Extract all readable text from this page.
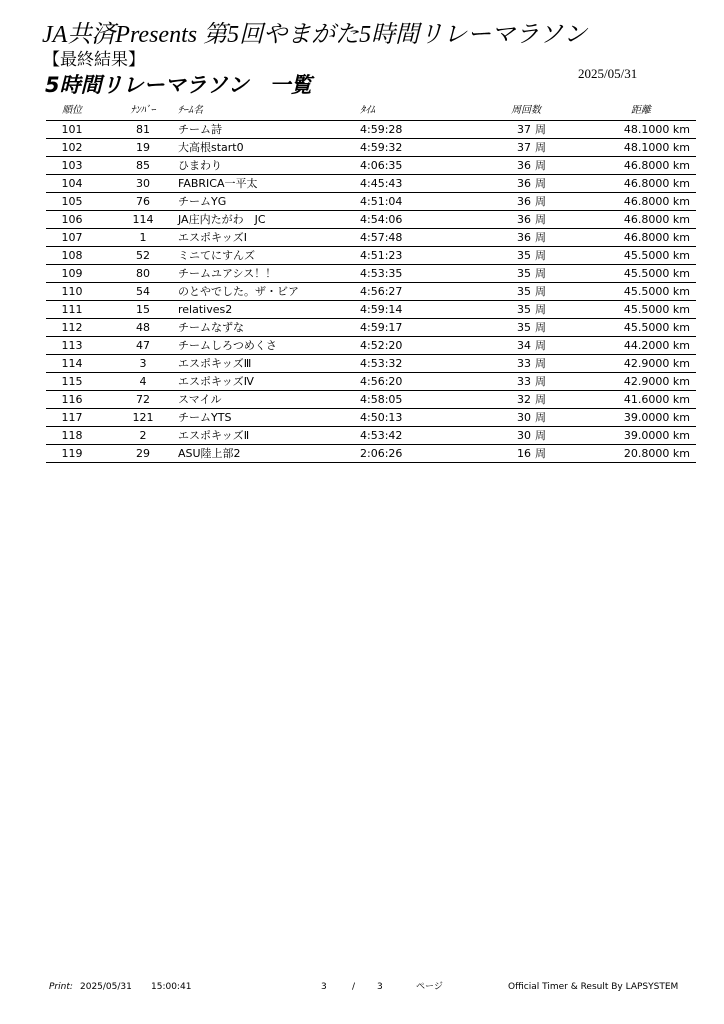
JA共済Presents 第5回やまがた5時間リレーマラソン
【最終結果】
2025/05/31
5時間リレーマラソン　一覧
順位	ﾅﾝﾊﾞｰ	ﾁｰﾑ名	ﾀｲﾑ	周回数	距離
101	81	チーム詩	4:59:28	37 周	48.1000 km
102	19	大高根start0	4:59:32	37 周	48.1000 km
103	85	ひまわり	4:06:35	36 周	46.8000 km
104	30	FABRICA一平太	4:45:43	36 周	46.8000 km
105	76	チームYG	4:51:04	36 周	46.8000 km
106	114	JA庄内たがわ　JC	4:54:06	36 周	46.8000 km
107	1	エスポキッズⅠ	4:57:48	36 周	46.8000 km
108	52	ミニてにすんズ	4:51:23	35 周	45.5000 km
109	80	チームユアシス！！	4:53:35	35 周	45.5000 km
110	54	のとやでした。ザ・ビア	4:56:27	35 周	45.5000 km
111	15	relatives2	4:59:14	35 周	45.5000 km
112	48	チームなずな	4:59:17	35 周	45.5000 km
113	47	チームしろつめくさ	4:52:20	34 周	44.2000 km
114	3	エスポキッズⅢ	4:53:32	33 周	42.9000 km
115	4	エスポキッズⅣ	4:56:20	33 周	42.9000 km
116	72	スマイル	4:58:05	32 周	41.6000 km
117	121	チームYTS	4:50:13	30 周	39.0000 km
118	2	エスポキッズⅡ	4:53:42	30 周	39.0000 km
119	29	ASU陸上部2	2:06:26	16 周	20.8000 km
Print: 2025/05/31 15:00:41	3	/ 3	ページ	Official Timer & Result By LAPSYSTEM
